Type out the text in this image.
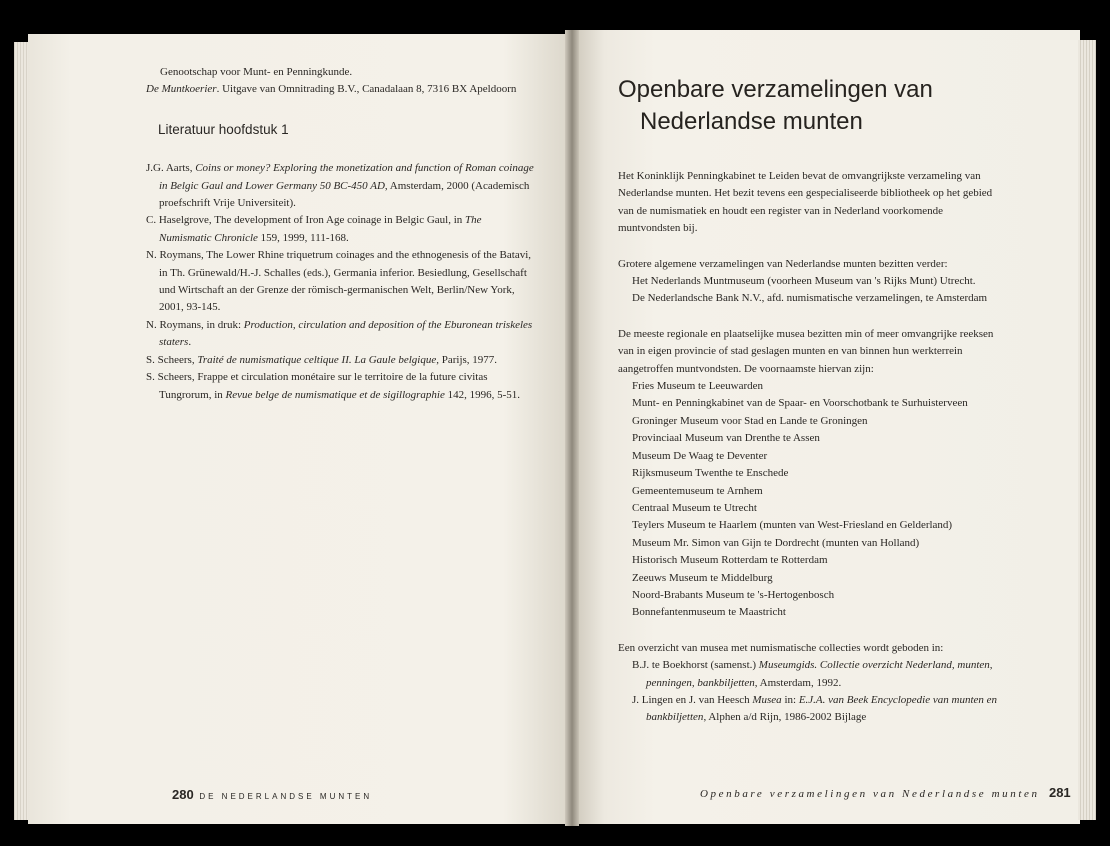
Genootschap voor Munt- en Penningkunde.

De Muntkoerier. Uitgave van Omnitrading B.V., Canadalaan 8, 7316 BX Apeldoorn

Literatuur hoofdstuk 1

J.G. Aarts, Coins or money? Exploring the monetization and function of Roman coinage in Belgic Gaul and Lower Germany 50 BC-450 AD, Amsterdam, 2000 (Academisch proefschrift Vrije Universiteit).

C. Haselgrove, The development of Iron Age coinage in Belgic Gaul, in The Numismatic Chronicle 159, 1999, 111-168.

N. Roymans, The Lower Rhine triquetrum coinages and the ethnogenesis of the Batavi, in Th. Grünewald/H.-J. Schalles (eds.), Germania inferior. Besiedlung, Gesellschaft und Wirtschaft an der Grenze der römisch-germanischen Welt, Berlin/New York, 2001, 93-145.

N. Roymans, in druk: Production, circulation and deposition of the Eburonean triskeles staters.

S. Scheers, Traité de numismatique celtique II. La Gaule belgique, Parijs, 1977.

S. Scheers, Frappe et circulation monétaire sur le territoire de la future civitas Tungrorum, in Revue belge de numismatique et de sigillographie 142, 1996, 5-51.

280 DE NEDERLANDSE MUNTEN
Openbare verzamelingen van
Nederlandse munten

Het Koninklijk Penningkabinet te Leiden bevat de omvangrijkste verzameling van Nederlandse munten. Het bezit tevens een gespecialiseerde bibliotheek op het gebied van de numismatiek en houdt een register van in Nederland voorkomende muntvondsten bij.

Grotere algemene verzamelingen van Nederlandse munten bezitten verder:

Het Nederlands Muntmuseum (voorheen Museum van 's Rijks Munt) Utrecht.

De Nederlandsche Bank N.V., afd. numismatische verzamelingen, te Amsterdam

De meeste regionale en plaatselijke musea bezitten min of meer omvangrijke reeksen van in eigen provincie of stad geslagen munten en van binnen hun werkterrein aangetroffen muntvondsten. De voornaamste hiervan zijn:

Fries Museum te Leeuwarden

Munt- en Penningkabinet van de Spaar- en Voorschotbank te Surhuisterveen

Groninger Museum voor Stad en Lande te Groningen

Provinciaal Museum van Drenthe te Assen

Museum De Waag te Deventer

Rijksmuseum Twenthe te Enschede

Gemeentemuseum te Arnhem

Centraal Museum te Utrecht

Teylers Museum te Haarlem (munten van West-Friesland en Gelderland)

Museum Mr. Simon van Gijn te Dordrecht (munten van Holland)

Historisch Museum Rotterdam te Rotterdam

Zeeuws Museum te Middelburg

Noord-Brabants Museum te 's-Hertogenbosch

Bonnefantenmuseum te Maastricht

Een overzicht van musea met numismatische collecties wordt geboden in:

B.J. te Boekhorst (samenst.) Museumgids. Collectie overzicht Nederland, munten, penningen, bankbiljetten, Amsterdam, 1992.

J. Lingen en J. van Heesch Musea in: E.J.A. van Beek Encyclopedie van munten en bankbiljetten, Alphen a/d Rijn, 1986-2002 Bijlage

Openbare verzamelingen van Nederlandse munten 281
